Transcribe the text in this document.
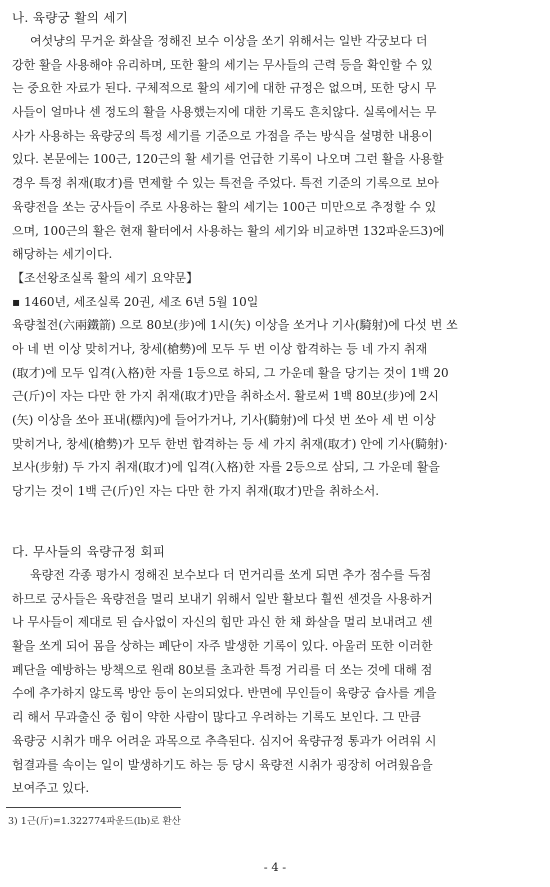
나. 육량궁 활의 세기
여섯냥의 무거운 화살을 정해진 보수 이상을 쏘기 위해서는 일반 각궁보다 더
강한 활을 사용해야 유리하며, 또한 활의 세기는 무사들의 근력 등을 확인할 수 있
는 중요한 자료가 된다. 구체적으로 활의 세기에 대한 규정은 없으며, 또한 당시 무
사들이 얼마나 센 정도의 활을 사용했는지에 대한 기록도 흔치않다. 실록에서는 무
사가 사용하는 육량궁의 특정 세기를 기준으로 가점을 주는 방식을 설명한 내용이
있다. 본문에는 100근, 120근의 활 세기를 언급한 기록이 나오며 그런 활을 사용할
경우 특정 취재(取才)를 면제할 수 있는 특전을 주었다. 특전 기준의 기록으로 보아
육량전을 쏘는 궁사들이 주로 사용하는 활의 세기는 100근 미만으로 추정할 수 있
으며, 100근의 활은 현재 활터에서 사용하는 활의 세기와 비교하면 132파운드3)에
해당하는 세기이다.
【조선왕조실록 활의 세기 요약문】
▪ 1460년, 세조실록 20권, 세조 6년 5월 10일
육량철전(六兩鐵箭) 으로 80보(步)에 1시(矢) 이상을 쏘거나 기사(騎射)에 다섯 번 쏘
아 네 번 이상 맞히거나, 창세(槍勢)에 모두 두 번 이상 합격하는 등 네 가지 취재
(取才)에 모두 입격(入格)한 자를 1등으로 하되, 그 가운데 활을 당기는 것이 1백 20
근(斤)이 자는 다만 한 가지 취재(取才)만을 취하소서. 활로써 1백 80보(步)에 2시
(矢) 이상을 쏘아 표내(標內)에 들어가거나, 기사(騎射)에 다섯 번 쏘아 세 번 이상
맞히거나, 창세(槍勢)가 모두 한번 합격하는 등 세 가지 취재(取才) 안에 기사(騎射)·
보사(步射) 두 가지 취재(取才)에 입격(入格)한 자를 2등으로 삼되, 그 가운데 활을
당기는 것이 1백 근(斤)인 자는 다만 한 가지 취재(取才)만을 취하소서.
다. 무사들의 육량규정 회피
육량전 각종 평가시 정해진 보수보다 더 먼거리를 쏘게 되면 추가 점수를 득점
하므로 궁사들은 육량전을 멀리 보내기 위해서 일반 활보다 훨씬 센것을 사용하거
나 무사들이 제대로 된 습사없이 자신의 힘만 과신 한 채 화살을 멀리 보내려고 센
활을 쏘게 되어 몸을 상하는 폐단이 자주 발생한 기록이 있다. 아울러 또한 이러한
폐단을 예방하는 방책으로 원래 80보를 초과한 특정 거리를 더 쏘는 것에 대해 점
수에 추가하지 않도록 방안 등이 논의되었다. 반면에 무인들이 육량궁 습사를 게을
리 해서 무과출신 중 힘이 약한 사람이 많다고 우려하는 기록도 보인다. 그 만큼
육량궁 시취가 매우 어려운 과목으로 추측된다. 심지어 육량규정 통과가 어려워 시
험결과를 속이는 일이 발생하기도 하는 등 당시 육량전 시취가 굉장히 어려웠음을
보여주고 있다.
3) 1근(斤)=1.322774파운드(lb)로 환산
- 4 -
